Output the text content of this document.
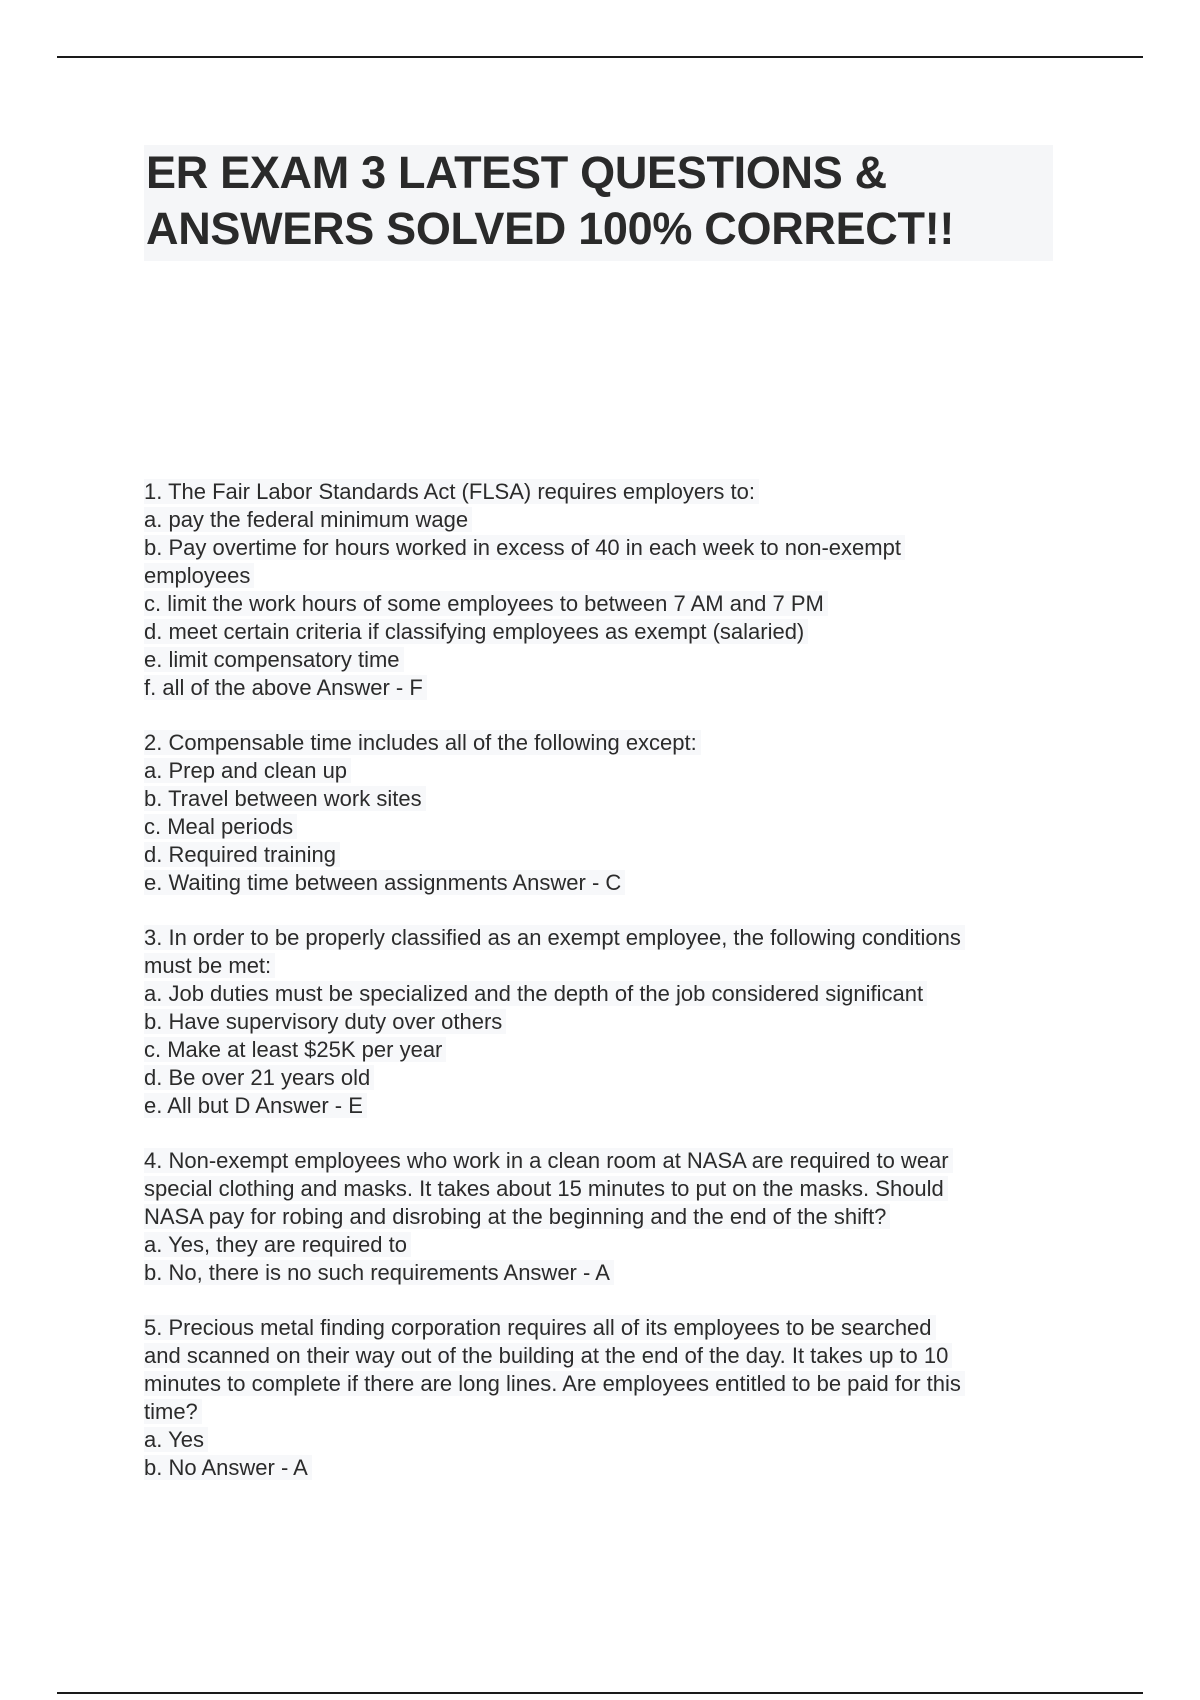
ER EXAM 3 LATEST QUESTIONS &
ANSWERS SOLVED 100% CORRECT!!
1. The Fair Labor Standards Act (FLSA) requires employers to:
a. pay the federal minimum wage
b. Pay overtime for hours worked in excess of 40 in each week to non-exempt
employees
c. limit the work hours of some employees to between 7 AM and 7 PM
d. meet certain criteria if classifying employees as exempt (salaried)
e. limit compensatory time
f. all of the above Answer - F
2. Compensable time includes all of the following except:
a. Prep and clean up
b. Travel between work sites
c. Meal periods
d. Required training
e. Waiting time between assignments Answer - C
3. In order to be properly classified as an exempt employee, the following conditions
must be met:
a. Job duties must be specialized and the depth of the job considered significant
b. Have supervisory duty over others
c. Make at least $25K per year
d. Be over 21 years old
e. All but D Answer - E
4. Non-exempt employees who work in a clean room at NASA are required to wear
special clothing and masks. It takes about 15 minutes to put on the masks. Should
NASA pay for robing and disrobing at the beginning and the end of the shift?
a. Yes, they are required to
b. No, there is no such requirements Answer - A
5. Precious metal finding corporation requires all of its employees to be searched
and scanned on their way out of the building at the end of the day. It takes up to 10
minutes to complete if there are long lines. Are employees entitled to be paid for this
time?
a. Yes
b. No Answer - A
